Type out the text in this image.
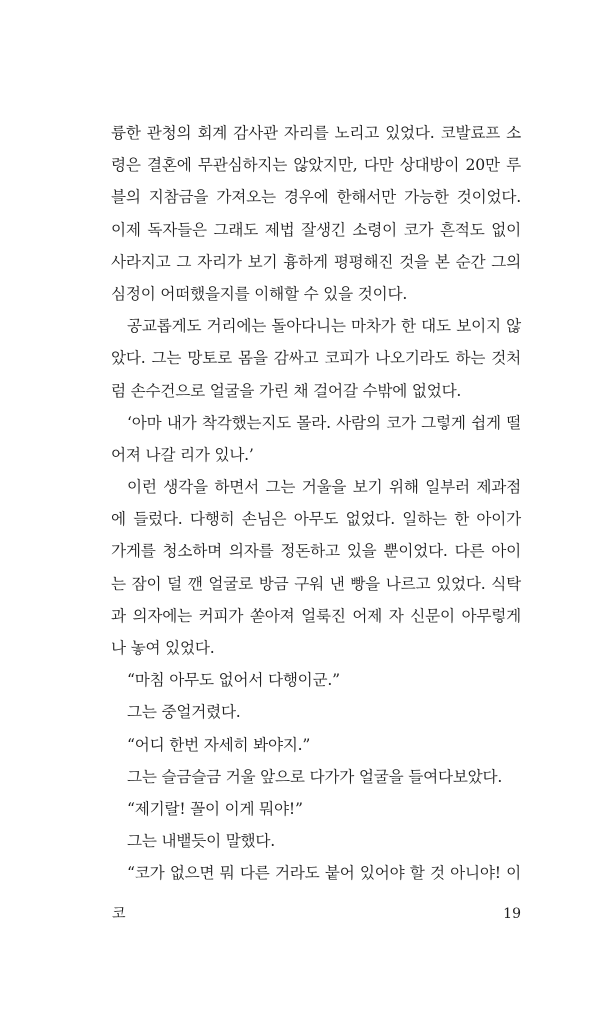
륭한 관청의 회계 감사관 자리를 노리고 있었다. 코발료프 소
령은 결혼에 무관심하지는 않았지만, 다만 상대방이 20만 루
블의 지참금을 가져오는 경우에 한해서만 가능한 것이었다.
이제 독자들은 그래도 제법 잘생긴 소령이 코가 흔적도 없이
사라지고 그 자리가 보기 흉하게 평평해진 것을 본 순간 그의
심정이 어떠했을지를 이해할 수 있을 것이다.
공교롭게도 거리에는 돌아다니는 마차가 한 대도 보이지 않
았다. 그는 망토로 몸을 감싸고 코피가 나오기라도 하는 것처
럼 손수건으로 얼굴을 가린 채 걸어갈 수밖에 없었다.
‘아마 내가 착각했는지도 몰라. 사람의 코가 그렇게 쉽게 떨
어져 나갈 리가 있나.’
이런 생각을 하면서 그는 거울을 보기 위해 일부러 제과점
에 들렀다. 다행히 손님은 아무도 없었다. 일하는 한 아이가
가게를 청소하며 의자를 정돈하고 있을 뿐이었다. 다른 아이
는 잠이 덜 깬 얼굴로 방금 구워 낸 빵을 나르고 있었다. 식탁
과 의자에는 커피가 쏟아져 얼룩진 어제 자 신문이 아무렇게
나 놓여 있었다.
“마침 아무도 없어서 다행이군.”
그는 중얼거렸다.
“어디 한번 자세히 봐야지.”
그는 슬금슬금 거울 앞으로 다가가 얼굴을 들여다보았다.
“제기랄! 꼴이 이게 뭐야!”
그는 내뱉듯이 말했다.
“코가 없으면 뭐 다른 거라도 붙어 있어야 할 것 아니야! 이
코	19
